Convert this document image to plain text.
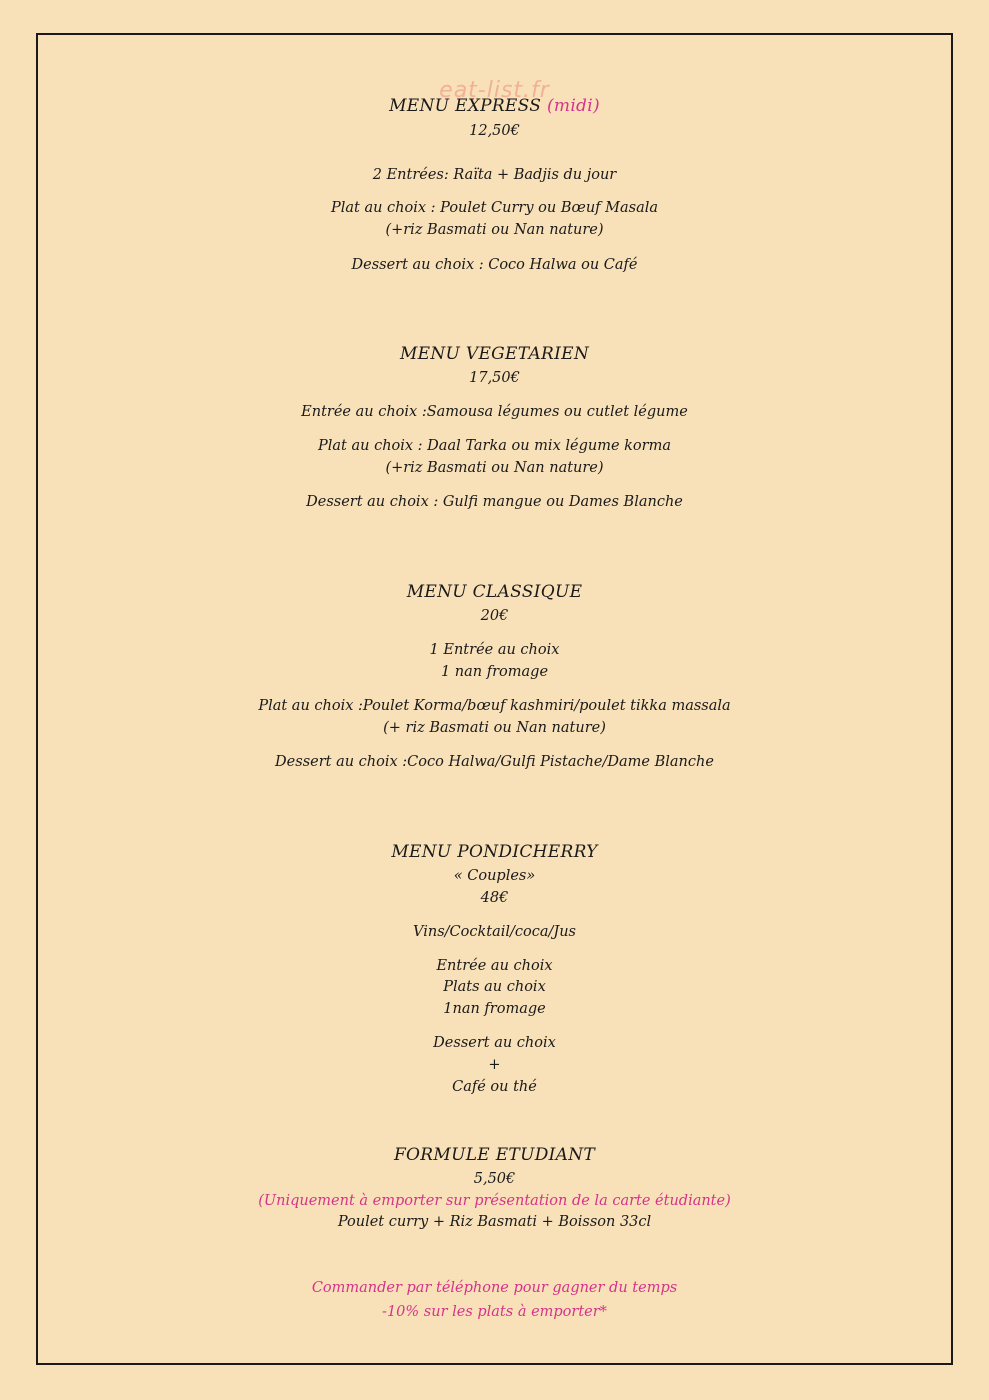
eat-list.fr
MENU EXPRESS (midi)
12,50€
2 Entrées: Raïta + Badjis du jour
Plat au choix : Poulet Curry ou Bœuf Masala
(+riz Basmati ou Nan nature)
Dessert au choix : Coco Halwa ou Café
MENU VEGETARIEN
17,50€
Entrée au choix :Samousa légumes ou cutlet légume
Plat au choix : Daal Tarka ou mix légume korma
(+riz Basmati ou Nan nature)
Dessert au choix : Gulfi mangue ou Dames Blanche
MENU CLASSIQUE
20€
1 Entrée au choix
1 nan fromage
Plat au choix :Poulet Korma/bœuf kashmiri/poulet tikka massala
(+ riz Basmati ou Nan nature)
Dessert au choix :Coco Halwa/Gulfi Pistache/Dame Blanche
MENU PONDICHERRY
« Couples»
48€
Vins/Cocktail/coca/Jus
Entrée au choix
Plats au choix
1nan fromage
Dessert au choix
+
Café ou thé
FORMULE ETUDIANT
5,50€
(Uniquement à emporter sur présentation de la carte étudiante)
Poulet curry + Riz Basmati + Boisson 33cl
Commander par téléphone pour gagner du temps
-10% sur les plats à emporter*
